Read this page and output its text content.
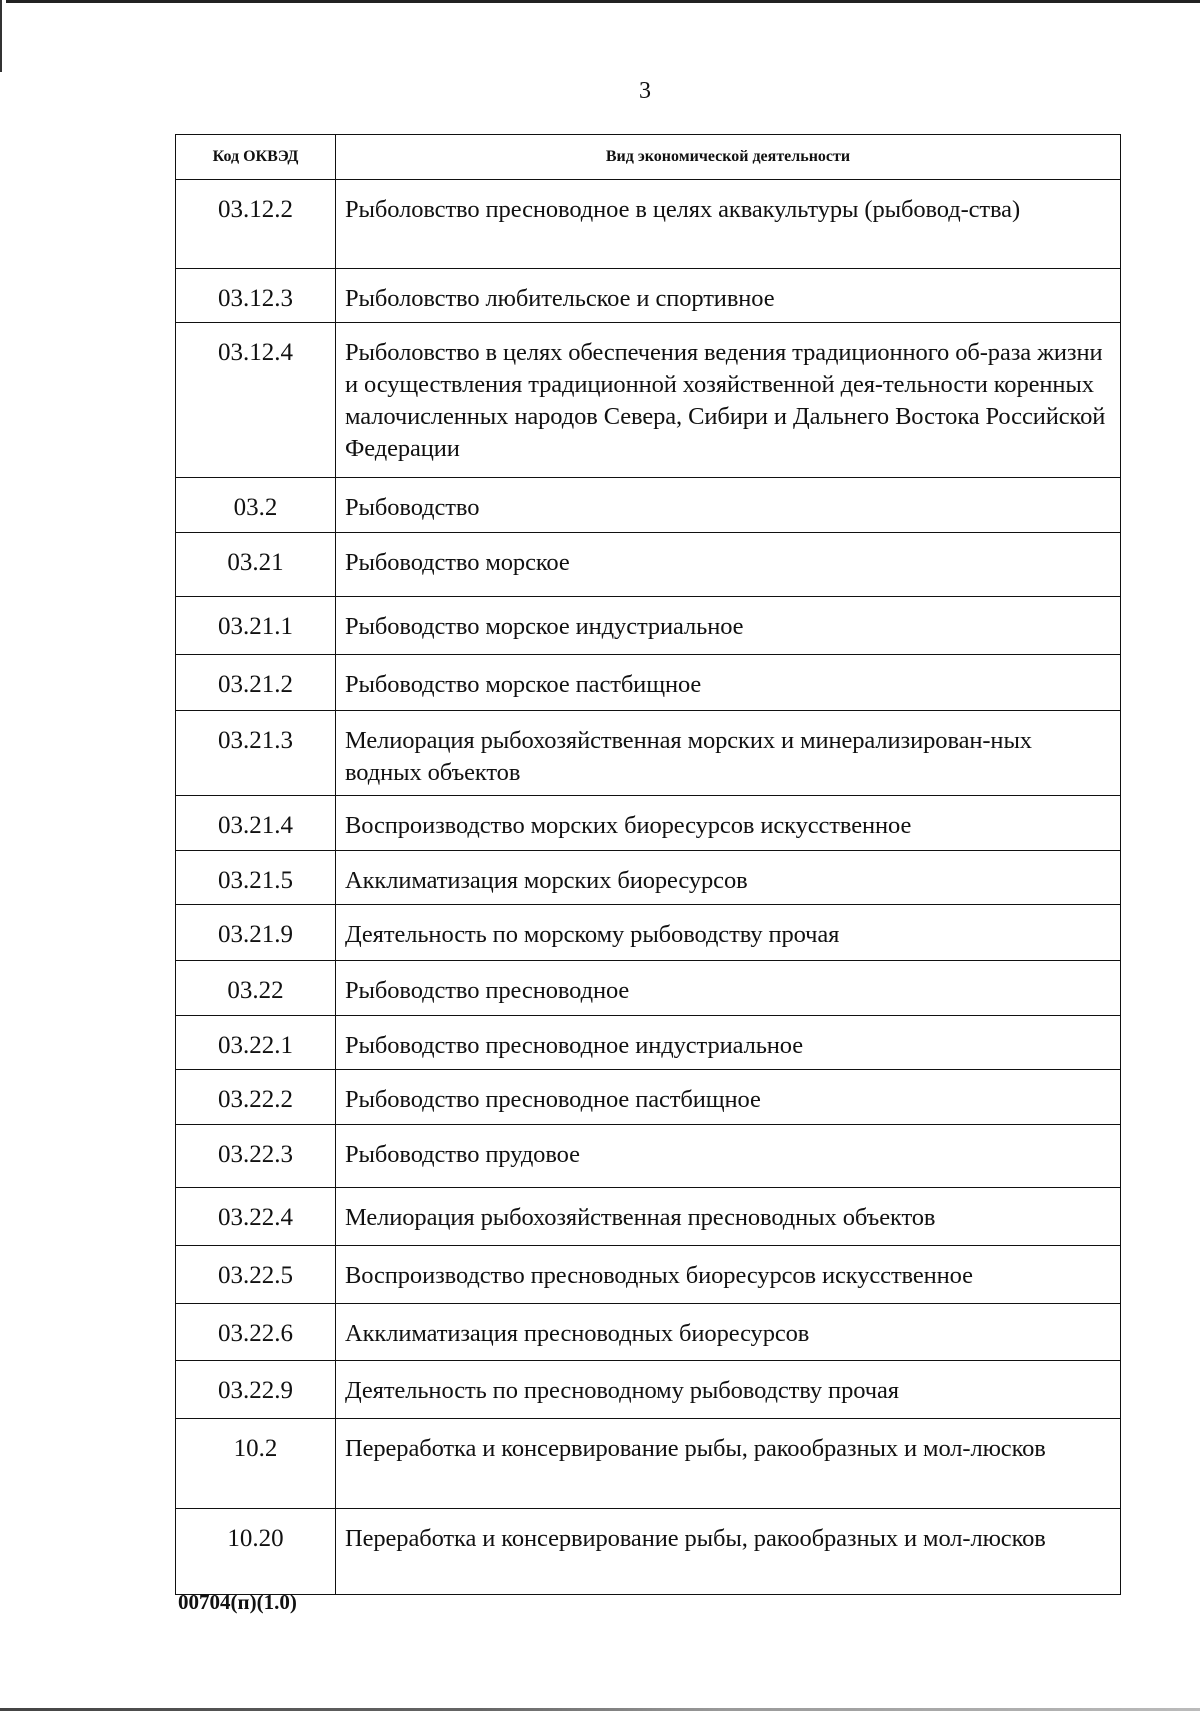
3
Код ОКВЭД	Вид экономической деятельности
03.12.2	Рыболовство пресноводное в целях аквакультуры (рыбовод-ства)
03.12.3	Рыболовство любительское и спортивное
03.12.4	Рыболовство в целях обеспечения ведения традиционного об-раза жизни и осуществления традиционной хозяйственной дея-тельности коренных малочисленных народов Севера, Сибири и Дальнего Востока Российской Федерации
03.2	Рыбоводство
03.21	Рыбоводство морское
03.21.1	Рыбоводство морское индустриальное
03.21.2	Рыбоводство морское пастбищное
03.21.3	Мелиорация рыбохозяйственная морских и минерализирован-ных водных объектов
03.21.4	Воспроизводство морских биоресурсов искусственное
03.21.5	Акклиматизация морских биоресурсов
03.21.9	Деятельность по морскому рыбоводству прочая
03.22	Рыбоводство пресноводное
03.22.1	Рыбоводство пресноводное индустриальное
03.22.2	Рыбоводство пресноводное пастбищное
03.22.3	Рыбоводство прудовое
03.22.4	Мелиорация рыбохозяйственная пресноводных объектов
03.22.5	Воспроизводство пресноводных биоресурсов искусственное
03.22.6	Акклиматизация пресноводных биоресурсов
03.22.9	Деятельность по пресноводному рыбоводству прочая
10.2	Переработка и консервирование рыбы, ракообразных и мол-люсков
10.20	Переработка и консервирование рыбы, ракообразных и мол-люсков
00704(п)(1.0)
